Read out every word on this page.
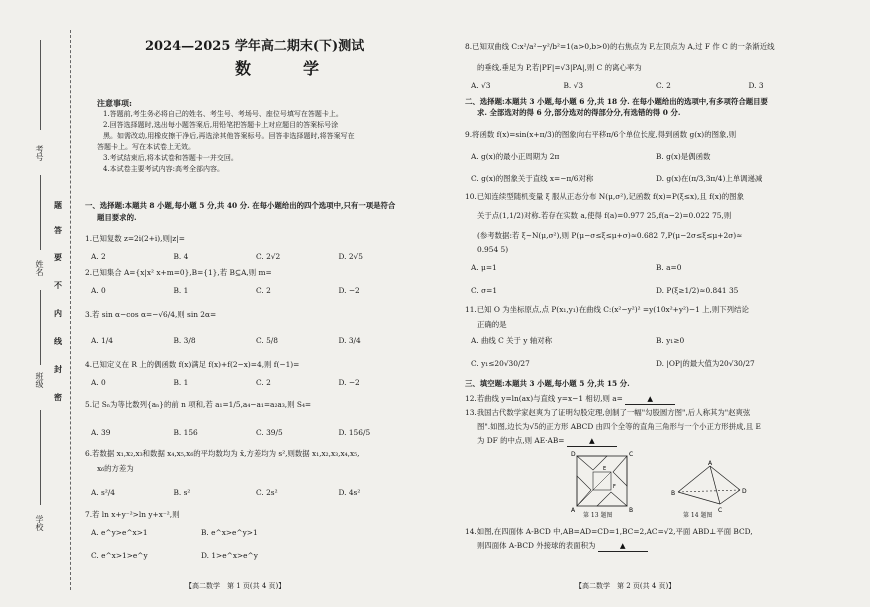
考号
姓名
班级
学校
题
答
要
不
内
线
封
密
2024—2025 学年高二期末(下)测试
数　学
注意事项:
1.答题前,考生务必将自己的姓名、考生号、考场号、座位号填写在答题卡上。
2.回答选择题时,选出每小题答案后,用铅笔把答题卡上对应题目的答案标号涂
黑。如需改动,用橡皮擦干净后,再选涂其他答案标号。回答非选择题时,将答案写在
答题卡上。写在本试卷上无效。
3.考试结束后,将本试卷和答题卡一并交回。
4.本试卷主要考试内容:高考全部内容。
一、选择题:本题共 8 小题,每小题 5 分,共 40 分. 在每小题给出的四个选项中,只有一项是符合
题目要求的.
1.已知复数 z=2i(2+i),则|z|=
A. 2	B. 4	C. 2√2	D. 2√5
2.已知集合 A={x|x² x+m=0},B={1},若 B⊆A,则 m=
A. 0	B. 1	C. 2	D. −2
3.若 sin α−cos α=−√6/4,则 sin 2α=
A. 1/4	B. 3/8	C. 5/8	D. 3/4
4.已知定义在 R 上的偶函数 f(x)满足 f(x)+f(2−x)=4,则 f(−1)=
A. 0	B. 1	C. 2	D. −2
5.记 Sₙ为等比数列{aₙ}的前 n 项和,若 a₁=1/5,a₄−a₁=a₂a₃,则 S₄=
A. 39	B. 156	C. 39/5	D. 156/5
6.若数据 x₁,x₂,x₃和数据 x₄,x₅,x₆的平均数均为 x̄,方差均为 s²,则数据 x₁,x₂,x₃,x₄,x₅,
x₆的方差为
A. s²/4	B. s²	C. 2s²	D. 4s²
7.若 ln x+y⁻²>ln y+x⁻²,则
A. e^y>e^x>1	B. e^x>e^y>1
C. e^x>1>e^y	D. 1>e^x>e^y
【高二数学　第 1 页(共 4 页)】
8.已知双曲线 C:x²/a²−y²/b²=1(a>0,b>0)的右焦点为 F,左顶点为 A,过 F 作 C 的一条渐近线
的垂线,垂足为 P,若|PF|=√3|PA|,则 C 的离心率为
A. √3	B. √3	C. 2	D. 3
二、选择题:本题共 3 小题,每小题 6 分,共 18 分. 在每小题给出的选项中,有多项符合题目要
求. 全部选对的得 6 分,部分选对的得部分分,有选错的得 0 分.
9.将函数 f(x)=sin(x+π/3)的图象向右平移π/6个单位长度,得到函数 g(x)的图象,则
A. g(x)的最小正周期为 2π	B. g(x)是偶函数
C. g(x)的图象关于直线 x=−π/6对称	D. g(x)在(π/3,3π/4)上单调递减
10.已知连续型随机变量 ξ 服从正态分布 N(μ,σ²),记函数 f(x)=P(ξ≤x),且 f(x)的图象
关于点(1,1/2)对称.若存在实数 a,使得 f(a)=0.977 25,f(a−2)=0.022 75,则
(参考数据:若 ξ~N(μ,σ²),则 P(μ−σ≤ξ≤μ+σ)≈0.682 7,P(μ−2σ≤ξ≤μ+2σ)≈
0.954 5)
A. μ=1	B. a=0
C. σ=1	D. P(ξ≥1/2)≈0.841 35
11.已知 O 为坐标原点,点 P(x₁,y₁)在曲线 C:(x²−y²)² =y(10x²+y²)−1 上,则下列结论
正确的是
A. 曲线 C 关于 y 轴对称	B. y₁≥0
C. y₁≤20√30/27	D. |OP|的最大值为20√30/27
三、填空题:本题共 3 小题,每小题 5 分,共 15 分.
12.若曲线 y=ln(ax)与直线 y=x−1 相切,则 a=	▲
13.我国古代数学家赵爽为了证明勾股定理,创制了一幅"勾股圆方图",后人称其为"赵爽弦
图".如图,边长为√5的正方形 ABCD 由四个全等的直角三角形与一个小正方形拼成,且 E
为 DF 的中点,则 AE·AB=	▲
D	C
A	B
E
F
第 13 题图
A
B
C
D
第 14 题图
14.如图,在四面体 A-BCD 中,AB=AD=CD=1,BC=2,AC=√2,平面 ABD⊥平面 BCD,
则四面体 A-BCD 外接球的表面积为	▲
【高二数学　第 2 页(共 4 页)】
